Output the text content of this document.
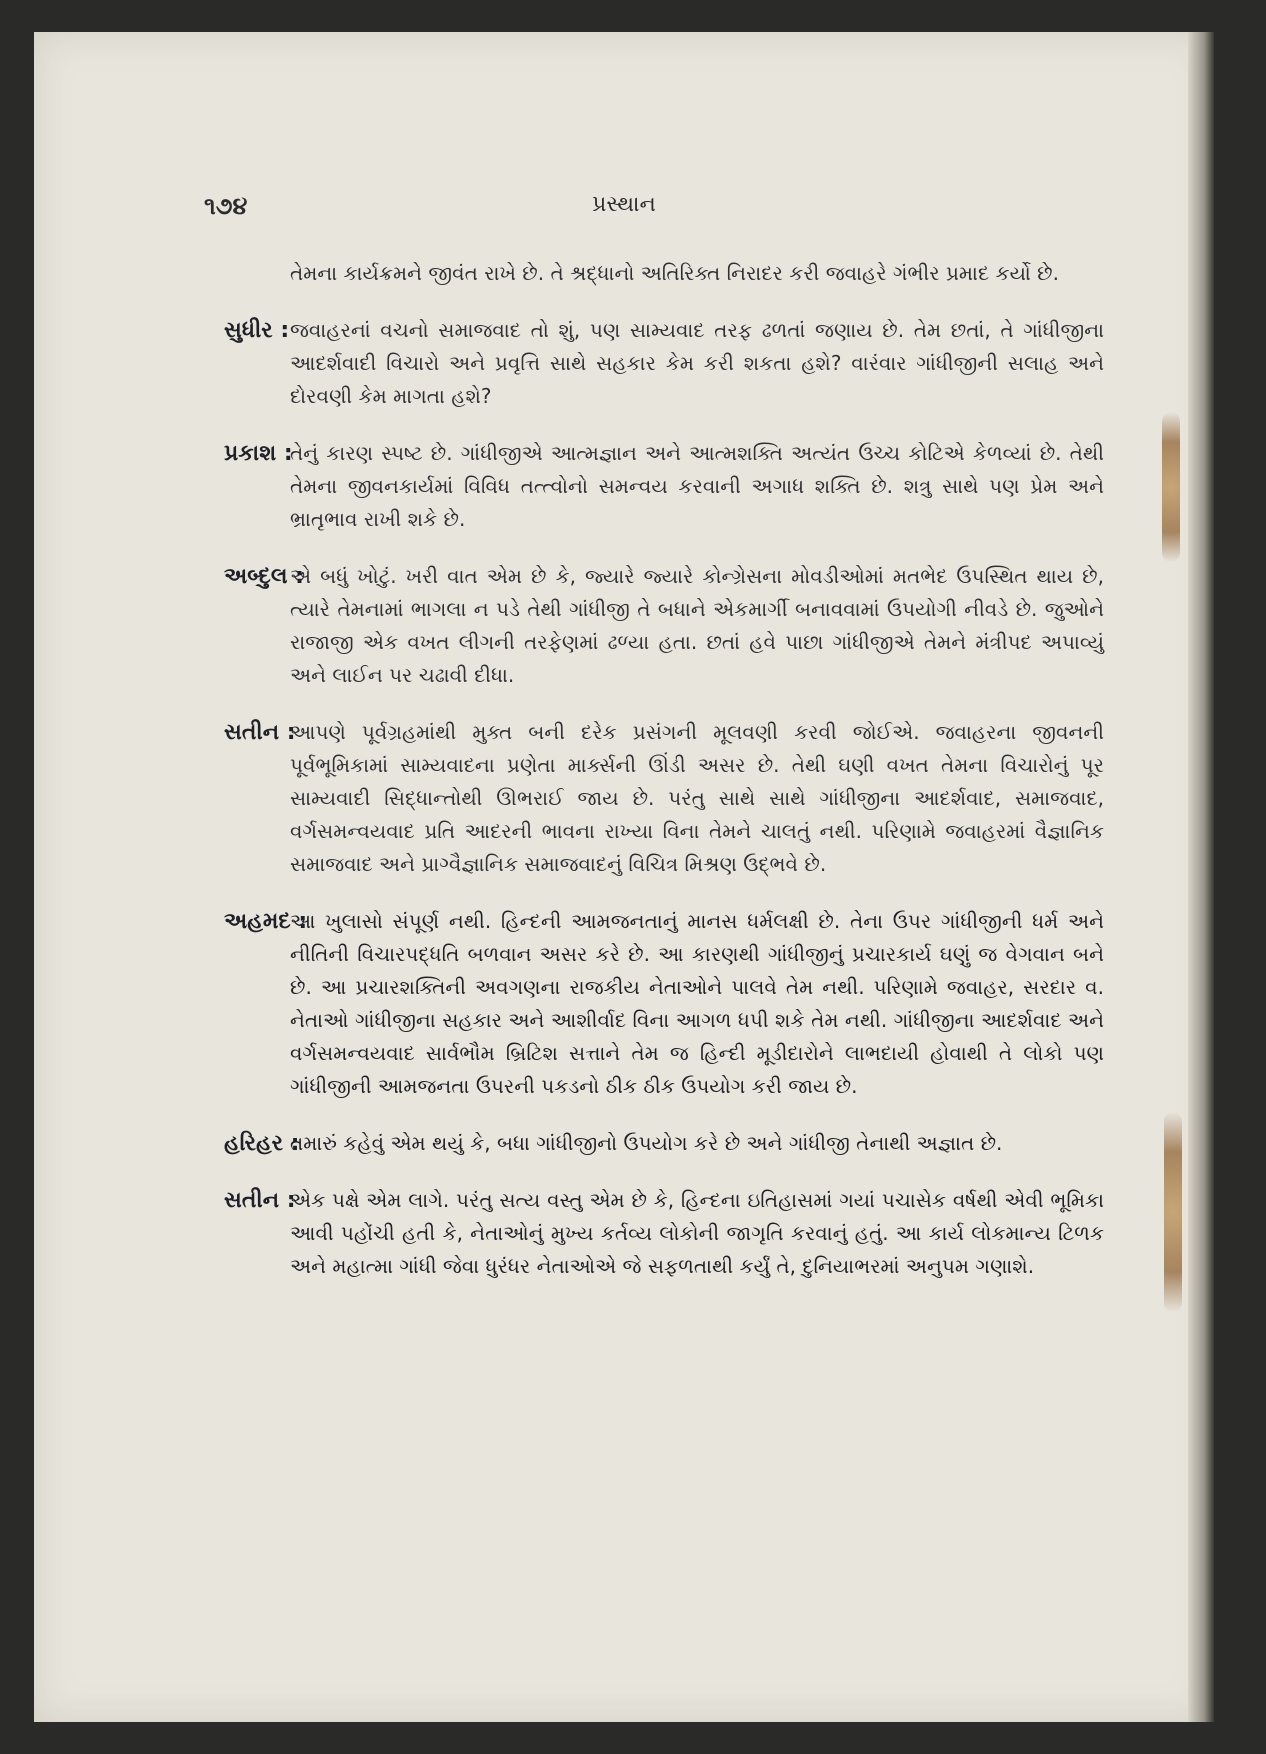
૧૭૪	પ્રસ્થાન
તેમના કાર્યક્રમને જીવંત રાખે છે. તે શ્રદ્ધાનો અતિરિક્ત નિરાદર કરી જવાહરે ગંભીર પ્રમાદ કર્યો છે.
સુધીર : જવાહરનાં વચનો સમાજવાદ તો શું, પણ સામ્યવાદ તરફ ઢળતાં જણાય છે. તેમ છતાં, તે ગાંધીજીના આદર્શવાદી વિચારો અને પ્રવૃત્તિ સાથે સહકાર કેમ કરી શકતા હશે? વારંવાર ગાંધીજીની સલાહ અને દોરવણી કેમ માગતા હશે?
પ્રકાશ :
તેનું કારણ સ્પષ્ટ છે. ગાંધીજીએ આત્મજ્ઞાન અને આત્મશક્તિ અત્યંત ઉચ્ચ કોટિએ કેળવ્યાં છે. તેથી તેમના જીવનકાર્યમાં વિવિધ તત્ત્વોનો સમન્વય કરવાની અગાધ શક્તિ છે. શત્રુ સાથે પણ પ્રેમ અને ભ્રાતૃભાવ રાખી શકે છે.
અબ્દુલ :
એ બધું ખોટું. ખરી વાત એમ છે કે, જ્યારે જ્યારે કોન્ગ્રેસના મોવડીઓમાં મતભેદ ઉપસ્થિત થાય છે, ત્યારે તેમનામાં ભાગલા ન પડે તેથી ગાંધીજી તે બધાને એકમાર્ગી બનાવવામાં ઉપયોગી નીવડે છે. જુઓને રાજાજી એક વખત લીગની તરફેણમાં ઢળ્યા હતા. છતાં હવે પાછા ગાંધીજીએ તેમને મંત્રીપદ અપાવ્યું અને લાઈન પર ચઢાવી દીધા.
સતીન :
આપણે પૂર્વગ્રહમાંથી મુક્ત બની દરેક પ્રસંગની મૂલવણી કરવી જોઈએ. જવાહરના જીવનની પૂર્વભૂમિકામાં સામ્યવાદના પ્રણેતા માર્ક્સની ઊંડી અસર છે. તેથી ઘણી વખત તેમના વિચારોનું પૂર સામ્યવાદી સિદ્ધાન્તોથી ઊભરાઈ જાય છે. પરંતુ સાથે સાથે ગાંધીજીના આદર્શવાદ, સમાજવાદ, વર્ગસમન્વયવાદ પ્રતિ આદરની ભાવના રાખ્યા વિના તેમને ચાલતું નથી. પરિણામે જવાહરમાં વૈજ્ઞાનિક સમાજવાદ અને પ્રાગ્વૈજ્ઞાનિક સમાજવાદનું વિચિત્ર મિશ્રણ ઉદ્ભવે છે.
અહમદ :
આ ખુલાસો સંપૂર્ણ નથી. હિન્દની આમજનતાનું માનસ ધર્મલક્ષી છે. તેના ઉપર ગાંધીજીની ધર્મ અને નીતિની વિચારપદ્ધતિ બળવાન અસર કરે છે. આ કારણથી ગાંધીજીનું પ્રચારકાર્ય ઘણું જ વેગવાન બને છે. આ પ્રચારશક્તિની અવગણના રાજકીય નેતાઓને પાલવે તેમ નથી. પરિણામે જવાહર, સરદાર વ. નેતાઓ ગાંધીજીના સહકાર અને આશીર્વાદ વિના આગળ ધપી શકે તેમ નથી. ગાંધીજીના આદર્શવાદ અને વર્ગસમન્વયવાદ સાર્વભૌમ બ્રિટિશ સત્તાને તેમ જ હિન્દી મૂડીદારોને લાભદાયી હોવાથી તે લોકો પણ ગાંધીજીની આમજનતા ઉપરની પકડનો ઠીક ઠીક ઉપયોગ કરી જાય છે.
હરિહર :
તમારું કહેવું એમ થયું કે, બધા ગાંધીજીનો ઉપયોગ કરે છે અને ગાંધીજી તેનાથી અજ્ઞાત છે.
સતીન :
એક પક્ષે એમ લાગે. પરંતુ સત્ય વસ્તુ એમ છે કે, હિન્દના ઇતિહાસમાં ગયાં પચાસેક વર્ષથી એવી ભૂમિકા આવી પહોંચી હતી કે, નેતાઓનું મુખ્ય કર્તવ્ય લોકોની જાગૃતિ કરવાનું હતું. આ કાર્ય લોકમાન્ય ટિળક અને મહાત્મા ગાંધી જેવા ધુરંધર નેતાઓએ જે સફળતાથી કર્યું તે, દુનિયાભરમાં અનુપમ ગણાશે.
